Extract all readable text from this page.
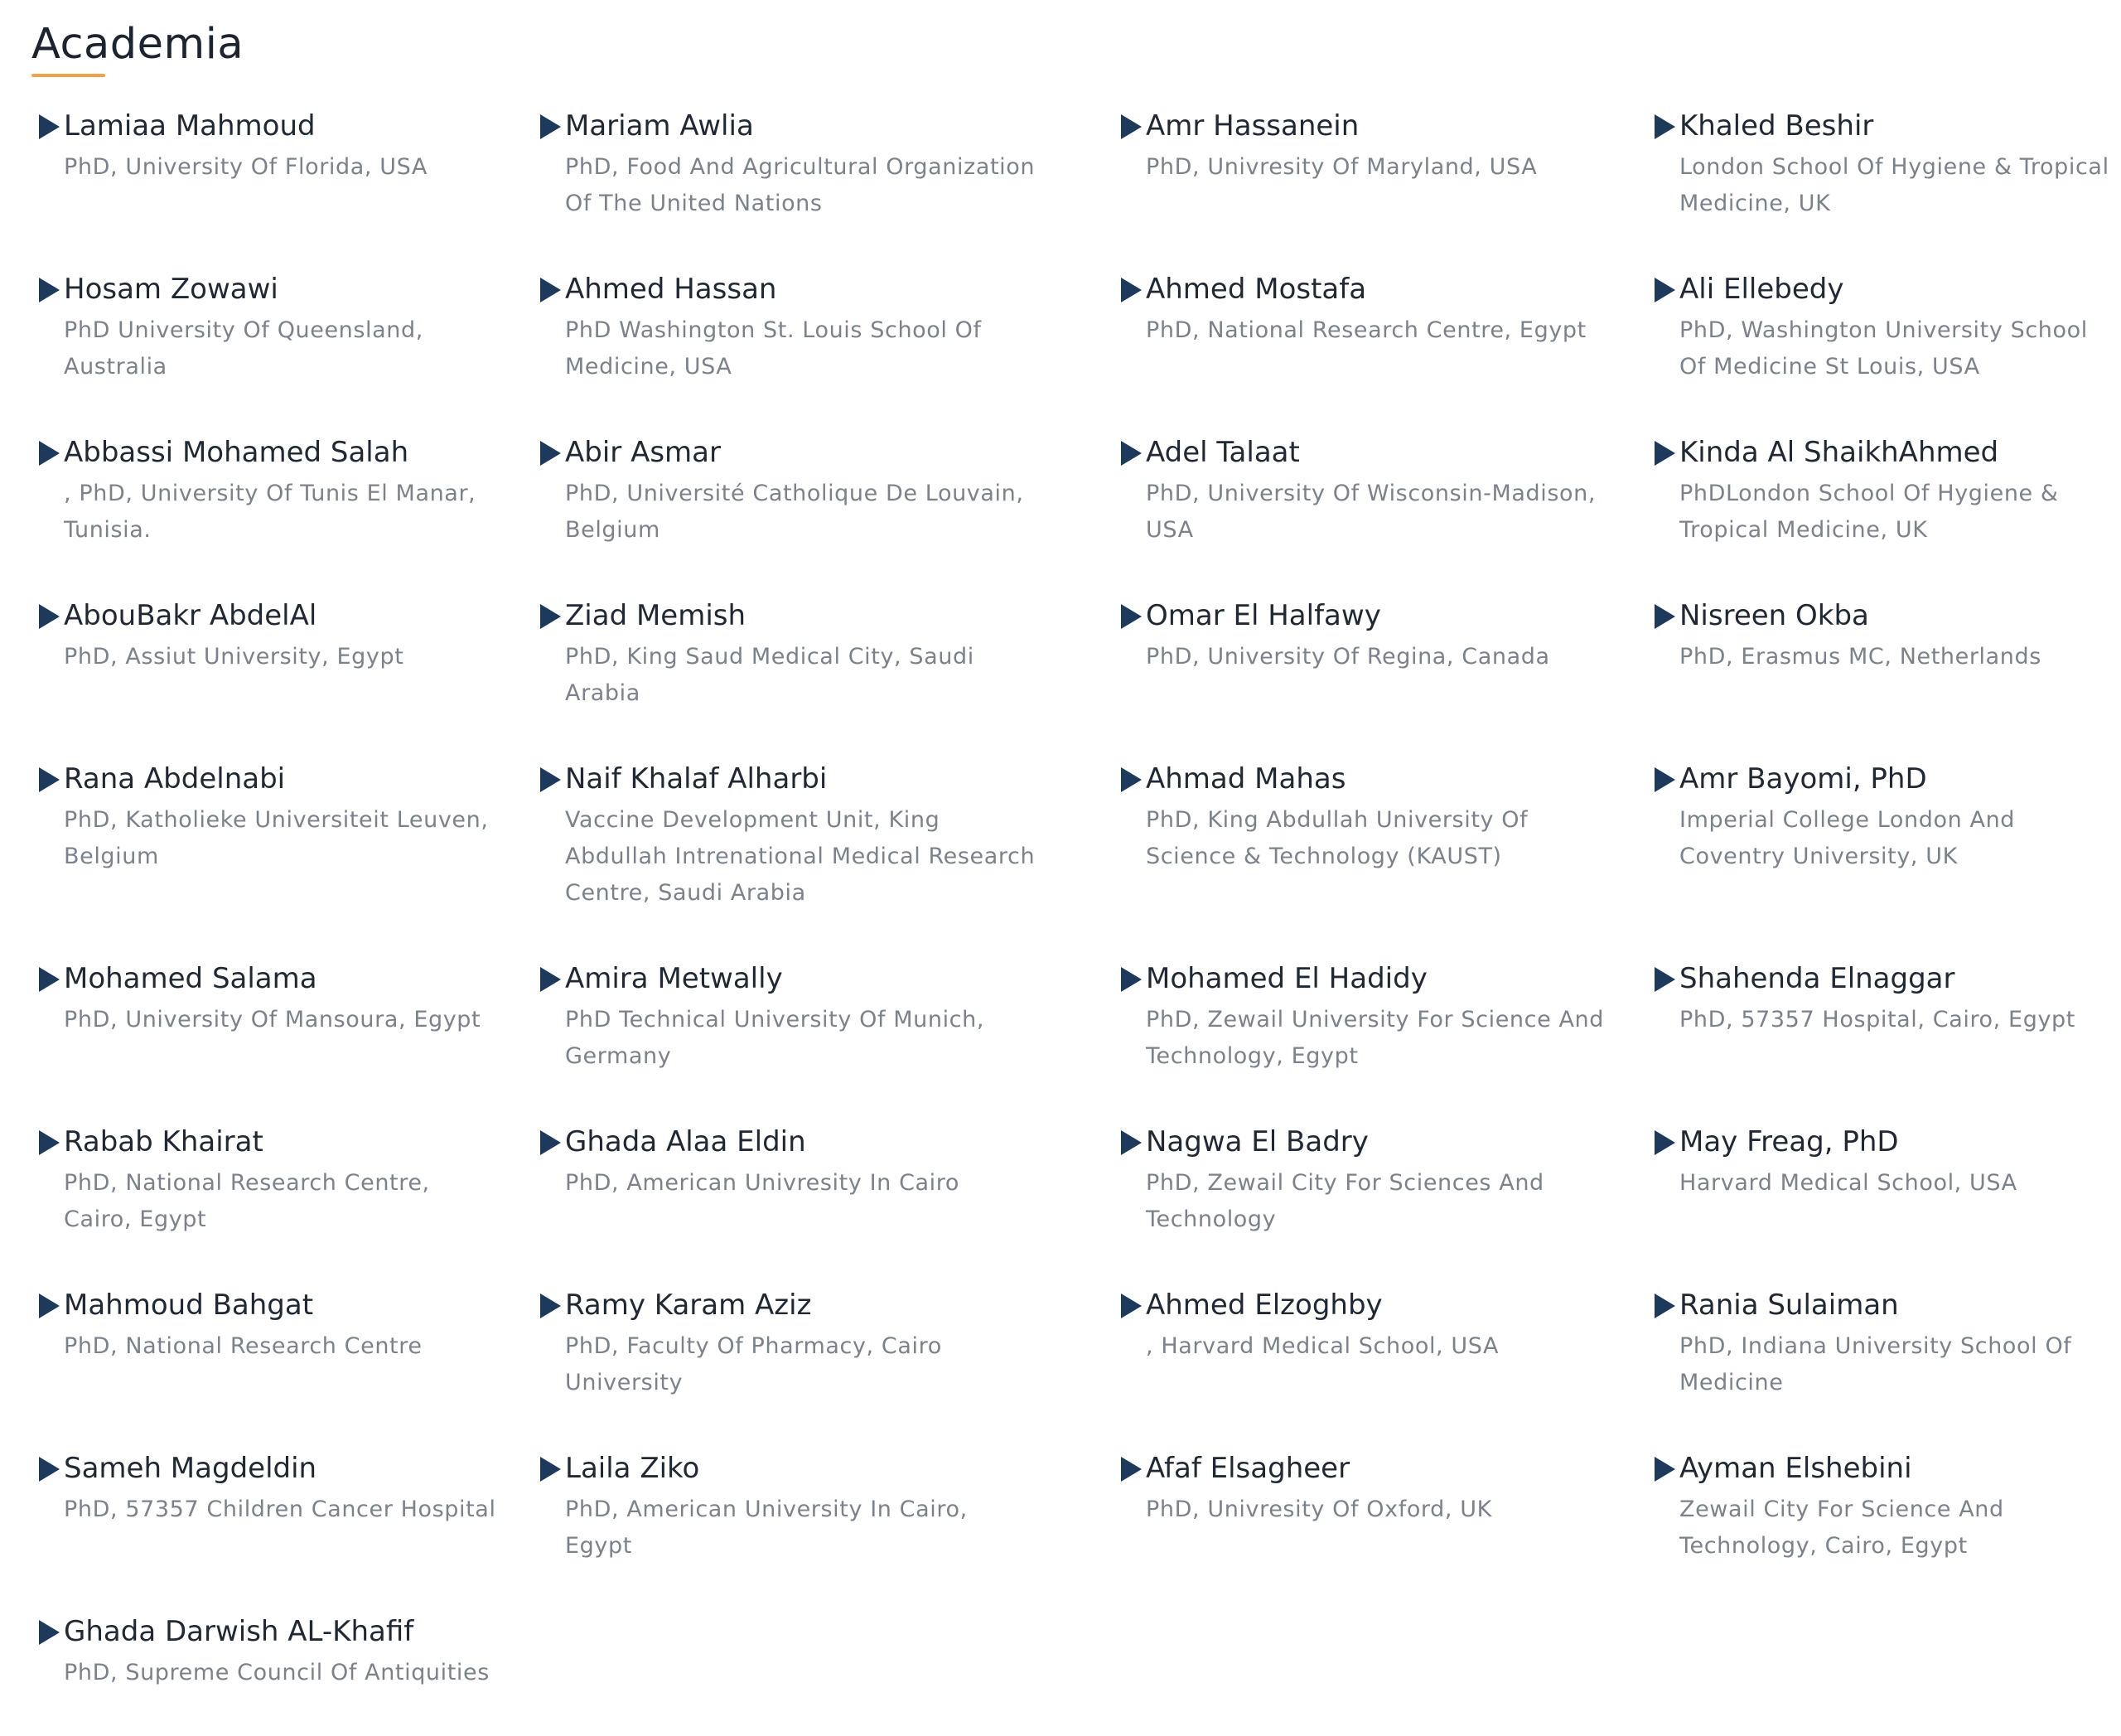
Academia
Lamiaa Mahmoud
PhD, University Of Florida, USA
Mariam Awlia
PhD, Food And Agricultural Organization Of The United Nations
Amr Hassanein
PhD, Univresity Of Maryland, USA
Khaled Beshir
London School Of Hygiene & Tropical Medicine, UK
Hosam Zowawi
PhD University Of Queensland, Australia
Ahmed Hassan
PhD Washington St. Louis School Of Medicine, USA
Ahmed Mostafa
PhD, National Research Centre, Egypt
Ali Ellebedy
PhD, Washington University School Of Medicine St Louis, USA
Abbassi Mohamed Salah
, PhD, University Of Tunis El Manar, Tunisia.
Abir Asmar
PhD, Université Catholique De Louvain, Belgium
Adel Talaat
PhD, University Of Wisconsin-Madison, USA
Kinda Al ShaikhAhmed
PhDLondon School Of Hygiene & Tropical Medicine, UK
AbouBakr AbdelAl
PhD, Assiut University, Egypt
Ziad Memish
PhD, King Saud Medical City, Saudi Arabia
Omar El Halfawy
PhD, University Of Regina, Canada
Nisreen Okba
PhD, Erasmus MC, Netherlands
Rana Abdelnabi
PhD, Katholieke Universiteit Leuven, Belgium
Naif Khalaf Alharbi
Vaccine Development Unit, King Abdullah Intrenational Medical Research Centre, Saudi Arabia
Ahmad Mahas
PhD, King Abdullah University Of Science & Technology (KAUST)
Amr Bayomi, PhD
Imperial College London And Coventry University, UK
Mohamed Salama
PhD, University Of Mansoura, Egypt
Amira Metwally
PhD Technical University Of Munich, Germany
Mohamed El Hadidy
PhD, Zewail University For Science And Technology, Egypt
Shahenda Elnaggar
PhD, 57357 Hospital, Cairo, Egypt
Rabab Khairat
PhD, National Research Centre, Cairo, Egypt
Ghada Alaa Eldin
PhD, American Univresity In Cairo
Nagwa El Badry
PhD, Zewail City For Sciences And Technology
May Freag, PhD
Harvard Medical School, USA
Mahmoud Bahgat
PhD, National Research Centre
Ramy Karam Aziz
PhD, Faculty Of Pharmacy, Cairo University
Ahmed Elzoghby
, Harvard Medical School, USA
Rania Sulaiman
PhD, Indiana University School Of Medicine
Sameh Magdeldin
PhD, 57357 Children Cancer Hospital
Laila Ziko
PhD, American University In Cairo, Egypt
Afaf Elsagheer
PhD, Univresity Of Oxford, UK
Ayman Elshebini
Zewail City For Science And Technology, Cairo, Egypt
Ghada Darwish AL-Khafif
PhD, Supreme Council Of Antiquities
